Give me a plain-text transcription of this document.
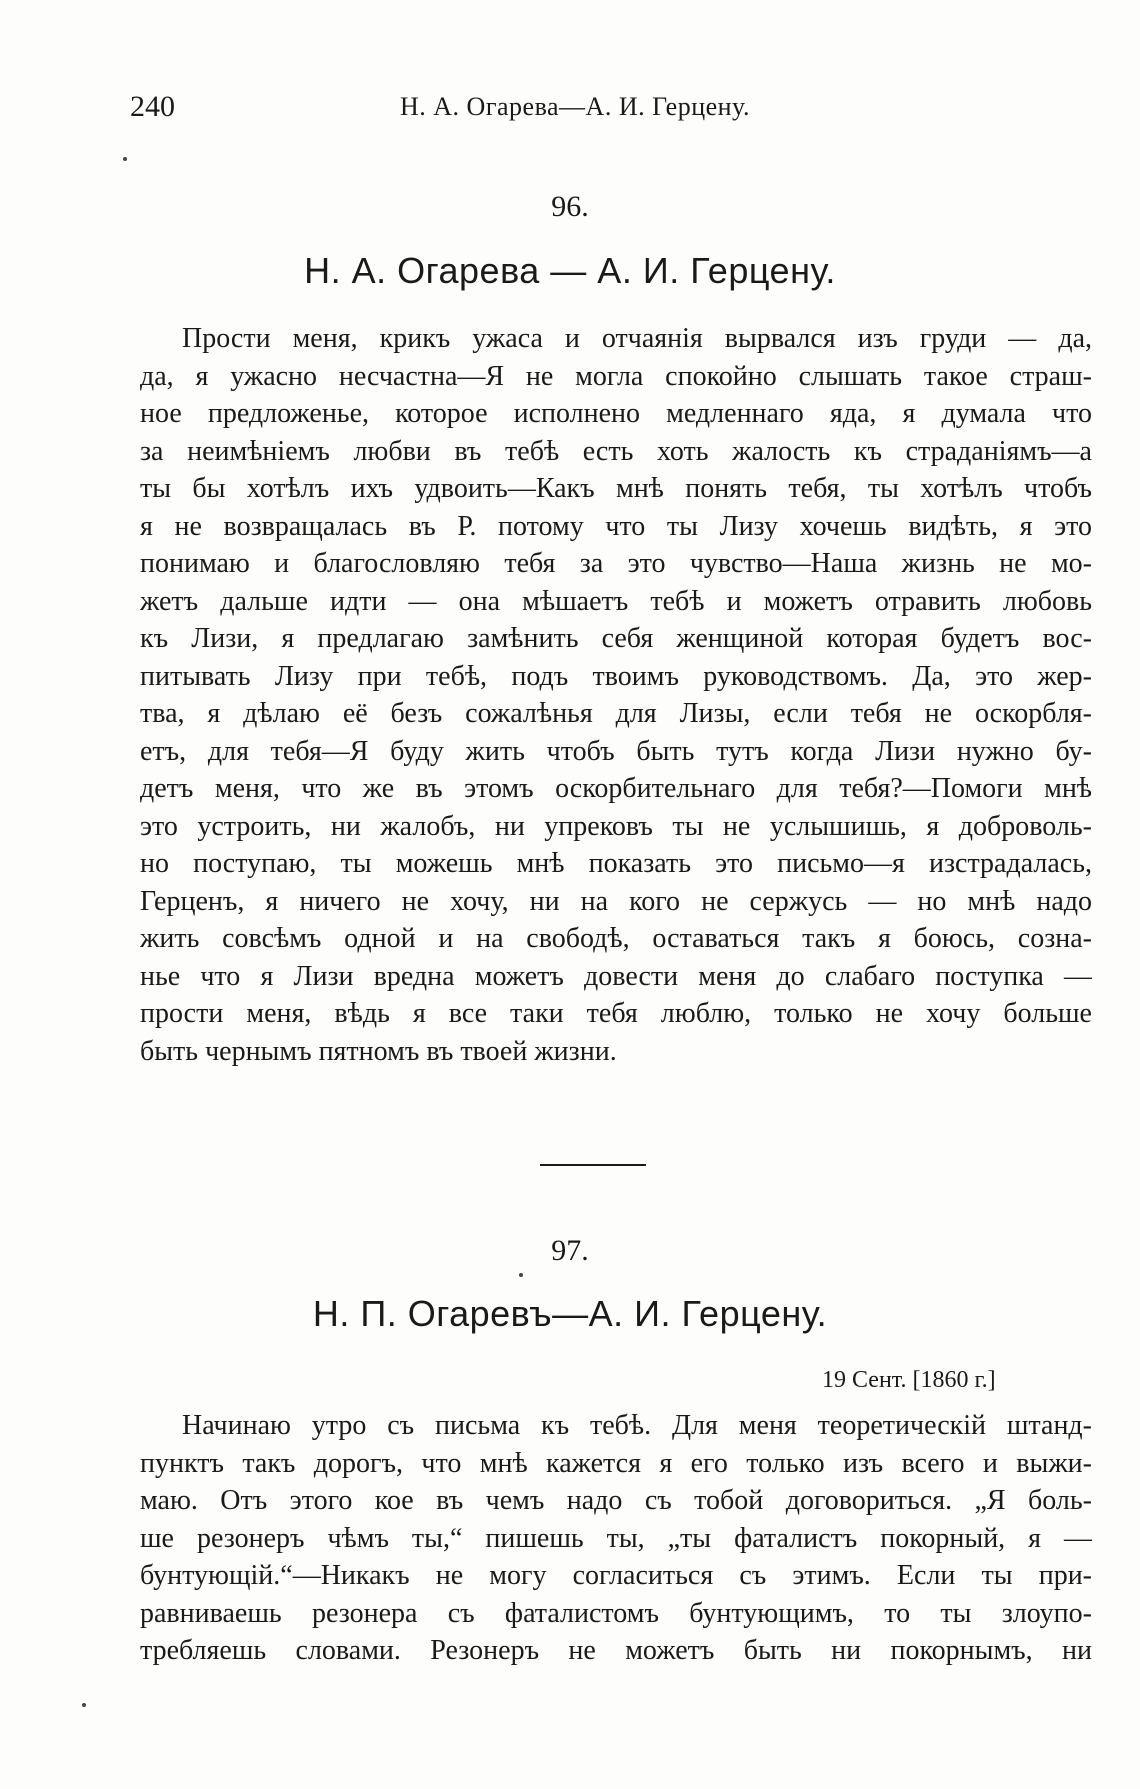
240	Н. А. Огарева—А. И. Герцену.
96.
Н. А. Огарева — А. И. Герцену.
Прости меня, крикъ ужаса и отчаянія вырвался изъ груди — да,
да, я ужасно несчастна—Я не могла спокойно слышать такое страш-
ное предложенье, которое исполнено медленнаго яда, я думала что
за неимѣніемъ любви въ тебѣ есть хоть жалость къ страданіямъ—а
ты бы хотѣлъ ихъ удвоить—Какъ мнѣ понять тебя, ты хотѣлъ чтобъ
я не возвращалась въ Р. потому что ты Лизу хочешь видѣть, я это
понимаю и благословляю тебя за это чувство—Наша жизнь не мо-
жетъ дальше идти — она мѣшаетъ тебѣ и можетъ отравить любовь
къ Лизи, я предлагаю замѣнить себя женщиной которая будетъ вос-
питывать Лизу при тебѣ, подъ твоимъ руководствомъ. Да, это жер-
тва, я дѣлаю её безъ сожалѣнья для Лизы, если тебя не оскорбля-
етъ, для тебя—Я буду жить чтобъ быть тутъ когда Лизи нужно бу-
детъ меня, что же въ этомъ оскорбительнаго для тебя?—Помоги мнѣ
это устроить, ни жалобъ, ни упрековъ ты не услышишь, я доброволь-
но поступаю, ты можешь мнѣ показать это письмо—я изстрадалась,
Герценъ, я ничего не хочу, ни на кого не сержусь — но мнѣ надо
жить совсѣмъ одной и на свободѣ, оставаться такъ я боюсь, созна-
нье что я Лизи вредна можетъ довести меня до слабаго поступка —
прости меня, вѣдь я все таки тебя люблю, только не хочу больше
быть чернымъ пятномъ въ твоей жизни.
97.
Н. П. Огаревъ—А. И. Герцену.
19 Сент. [1860 г.]
Начинаю утро съ письма къ тебѣ. Для меня теоретическій штанд-
пунктъ такъ дорогъ, что мнѣ кажется я его только изъ всего и выжи-
маю. Отъ этого кое въ чемъ надо съ тобой договориться. „Я боль-
ше резонеръ чѣмъ ты,“ пишешь ты, „ты фаталистъ покорный, я —
бунтующій.“—Никакъ не могу согласиться съ этимъ. Если ты при-
равниваешь резонера съ фаталистомъ бунтующимъ, то ты злоупо-
требляешь словами. Резонеръ не можетъ быть ни покорнымъ, ни
